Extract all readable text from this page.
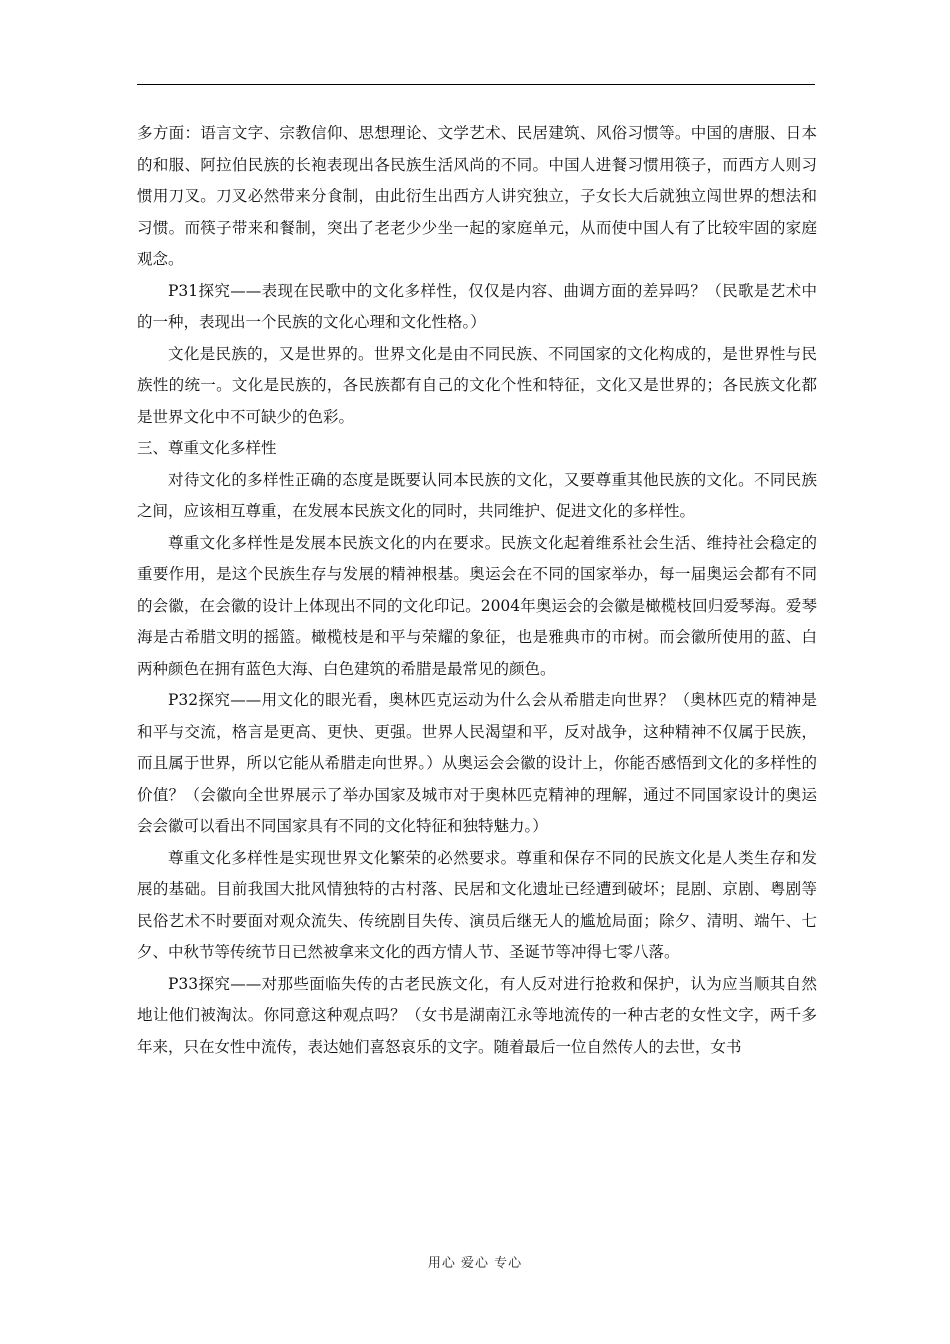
多方面：语言文字、宗教信仰、思想理论、文学艺术、民居建筑、风俗习惯等。中国的唐服、日本的和服、阿拉伯民族的长袍表现出各民族生活风尚的不同。中国人进餐习惯用筷子，而西方人则习惯用刀叉。刀叉必然带来分食制，由此衍生出西方人讲究独立，子女长大后就独立闯世界的想法和习惯。而筷子带来和餐制，突出了老老少少坐一起的家庭单元，从而使中国人有了比较牢固的家庭观念。

P31探究——表现在民歌中的文化多样性，仅仅是内容、曲调方面的差异吗？（民歌是艺术中的一种，表现出一个民族的文化心理和文化性格。）

文化是民族的，又是世界的。世界文化是由不同民族、不同国家的文化构成的，是世界性与民族性的统一。文化是民族的，各民族都有自己的文化个性和特征，文化又是世界的；各民族文化都是世界文化中不可缺少的色彩。

三、尊重文化多样性

对待文化的多样性正确的态度是既要认同本民族的文化，又要尊重其他民族的文化。不同民族之间，应该相互尊重，在发展本民族文化的同时，共同维护、促进文化的多样性。

尊重文化多样性是发展本民族文化的内在要求。民族文化起着维系社会生活、维持社会稳定的重要作用，是这个民族生存与发展的精神根基。奥运会在不同的国家举办，每一届奥运会都有不同的会徽，在会徽的设计上体现出不同的文化印记。2004年奥运会的会徽是橄榄枝回归爱琴海。爱琴海是古希腊文明的摇篮。橄榄枝是和平与荣耀的象征，也是雅典市的市树。而会徽所使用的蓝、白两种颜色在拥有蓝色大海、白色建筑的希腊是最常见的颜色。

P32探究——用文化的眼光看，奥林匹克运动为什么会从希腊走向世界？（奥林匹克的精神是和平与交流，格言是更高、更快、更强。世界人民渴望和平，反对战争，这种精神不仅属于民族，而且属于世界，所以它能从希腊走向世界。）从奥运会会徽的设计上，你能否感悟到文化的多样性的价值？（会徽向全世界展示了举办国家及城市对于奥林匹克精神的理解，通过不同国家设计的奥运会会徽可以看出不同国家具有不同的文化特征和独特魅力。）

尊重文化多样性是实现世界文化繁荣的必然要求。尊重和保存不同的民族文化是人类生存和发展的基础。目前我国大批风情独特的古村落、民居和文化遗址已经遭到破坏；昆剧、京剧、粤剧等民俗艺术不时要面对观众流失、传统剧目失传、演员后继无人的尴尬局面；除夕、清明、端午、七夕、中秋节等传统节日已然被拿来文化的西方情人节、圣诞节等冲得七零八落。

P33探究——对那些面临失传的古老民族文化，有人反对进行抢救和保护，认为应当顺其自然地让他们被淘汰。你同意这种观点吗？（女书是湖南江永等地流传的一种古老的女性文字，两千多年来，只在女性中流传，表达她们喜怒哀乐的文字。随着最后一位自然传人的去世，女书

用心 爱心 专心
